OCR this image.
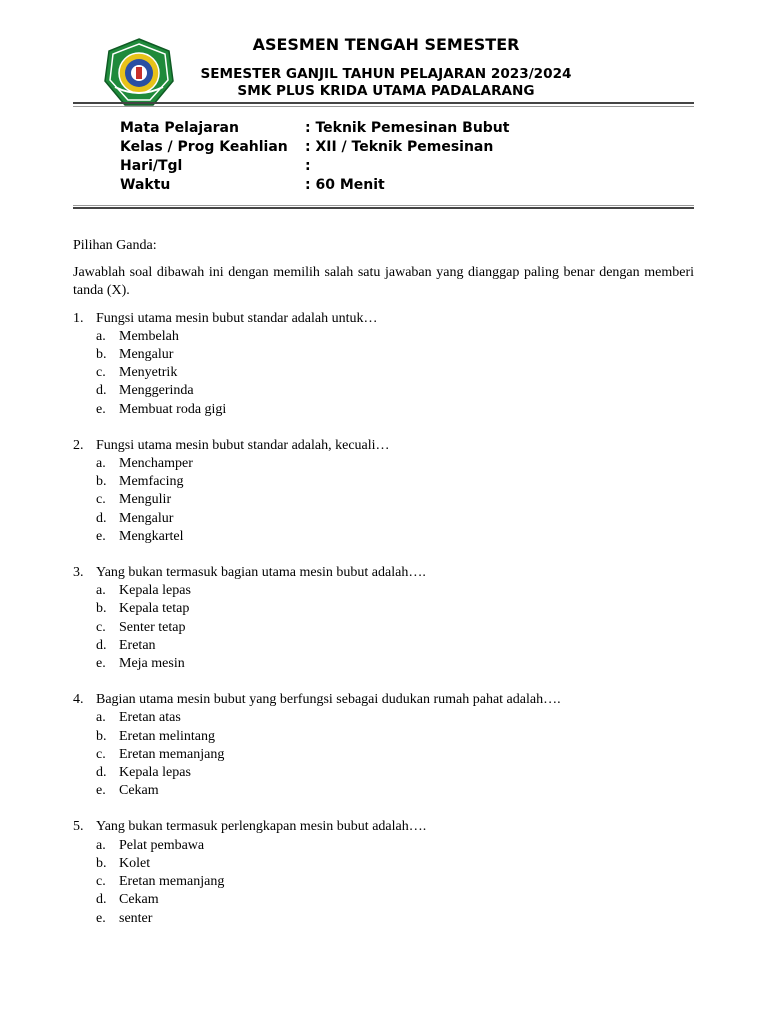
ASESMEN TENGAH SEMESTER
SEMESTER GANJIL TAHUN PELAJARAN 2023/2024
SMK PLUS KRIDA UTAMA PADALARANG
Mata Pelajaran	: Teknik Pemesinan Bubut
Kelas / Prog Keahlian : XII / Teknik Pemesinan
Hari/Tgl	:
Waktu	: 60 Menit

Pilihan Ganda:

Jawablah soal dibawah ini dengan memilih salah satu jawaban yang dianggap paling benar dengan memberi tanda (X).

1. Fungsi utama mesin bubut standar adalah untuk…
a. Membelah
b. Mengalur
c. Menyetrik
d. Menggerinda
e. Membuat roda gigi
2. Fungsi utama mesin bubut standar adalah, kecuali…
a. Menchamper
b. Memfacing
c. Mengulir
d. Mengalur
e. Mengkartel
3. Yang bukan termasuk bagian utama mesin bubut adalah….
a. Kepala lepas
b. Kepala tetap
c. Senter tetap
d. Eretan
e. Meja mesin
4. Bagian utama mesin bubut yang berfungsi sebagai dudukan rumah pahat adalah….
a. Eretan atas
b. Eretan melintang
c. Eretan memanjang
d. Kepala lepas
e. Cekam
5. Yang bukan termasuk perlengkapan mesin bubut adalah….
a. Pelat pembawa
b. Kolet
c. Eretan memanjang
d. Cekam
e. senter
